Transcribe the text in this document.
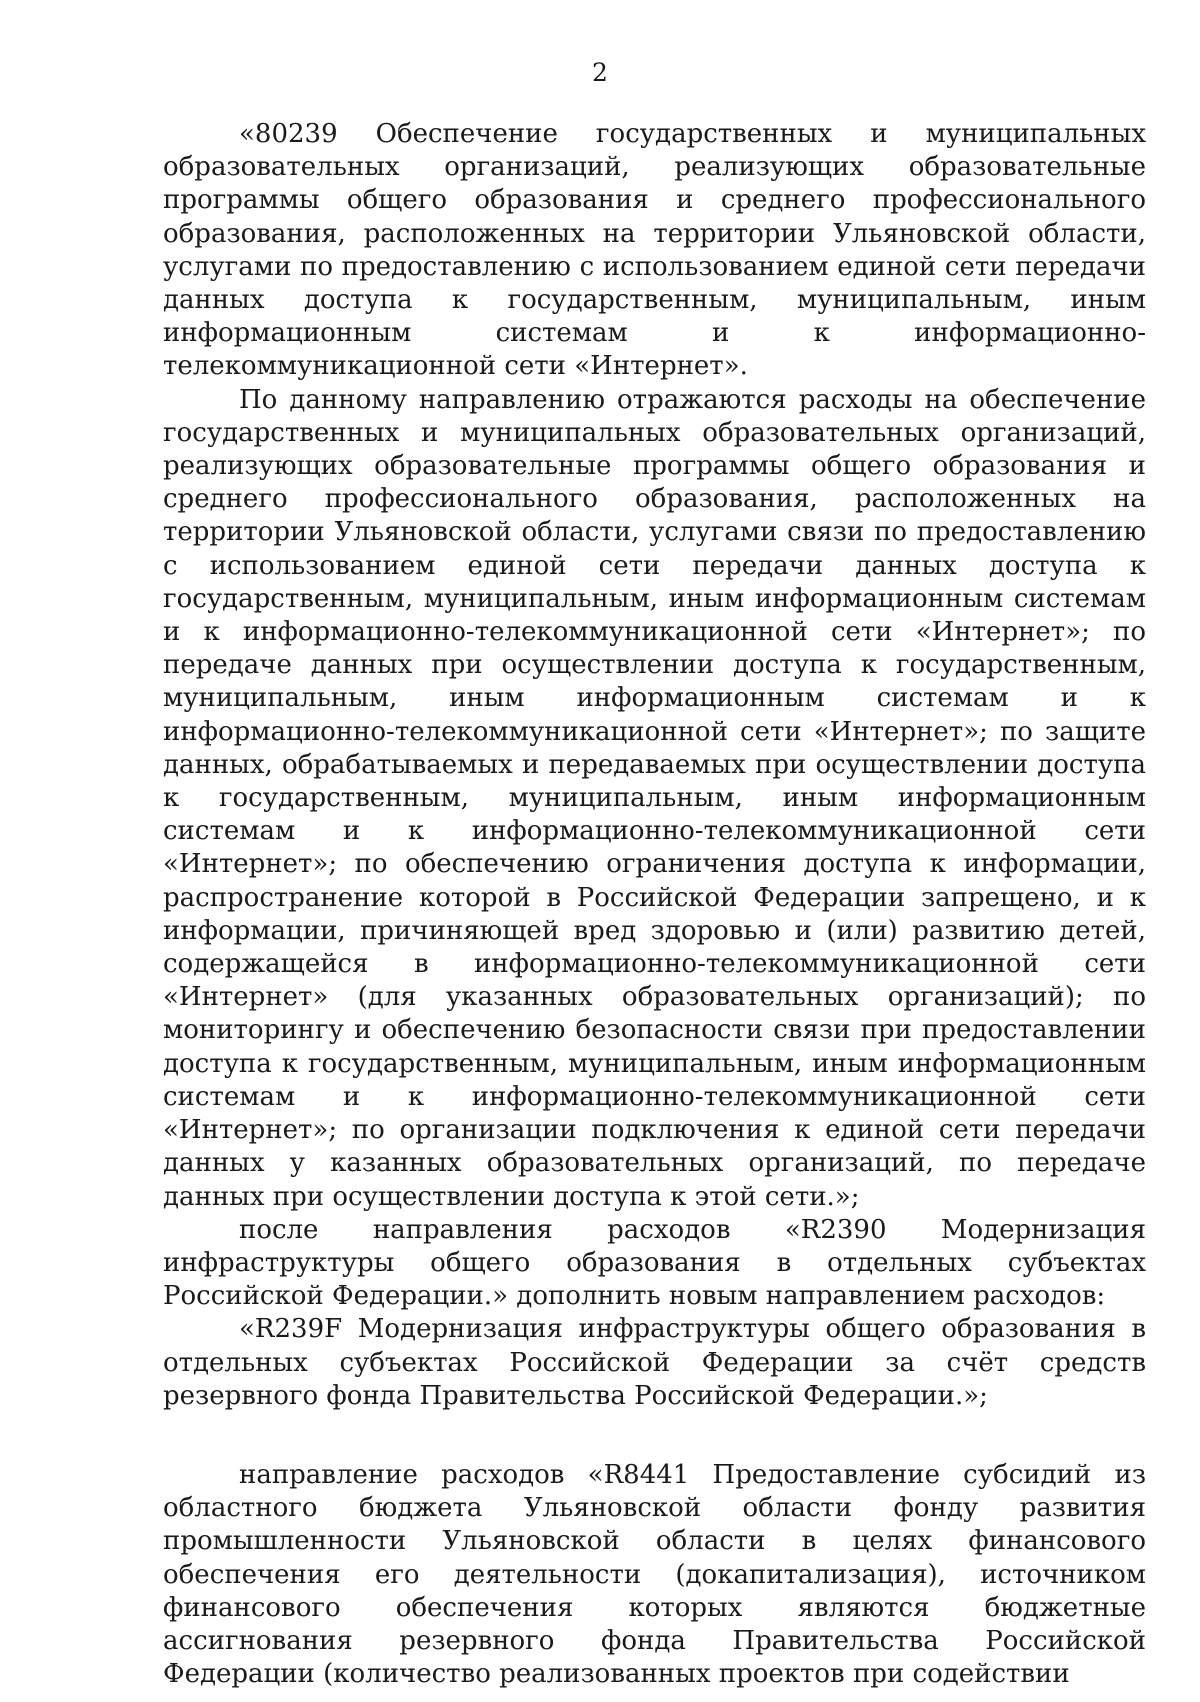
2

«80239 Обеспечение государственных и муниципальных образовательных организаций, реализующих образовательные программы общего образования и среднего профессионального образования, расположенных на территории Ульяновской области, услугами по предоставлению с использованием единой сети передачи данных доступа к государственным, муниципальным, иным информационным системам и к информационно-телекоммуникационной сети «Интернет».

По данному направлению отражаются расходы на обеспечение государственных и муниципальных образовательных организаций, реализующих образовательные программы общего образования и среднего профессионального образования, расположенных на территории Ульяновской области, услугами связи по предоставлению с использованием единой сети передачи данных доступа к государственным, муниципальным, иным информационным системам и к информационно-телекоммуникационной сети «Интернет»; по передаче данных при осуществлении доступа к государственным, муниципальным, иным информационным системам и к информационно-телекоммуникационной сети «Интернет»; по защите данных, обрабатываемых и передаваемых при осуществлении доступа к государственным, муниципальным, иным информационным системам и к информационно-телекоммуникационной сети «Интернет»; по обеспечению ограничения доступа к информации, распространение которой в Российской Федерации запрещено, и к информации, причиняющей вред здоровью и (или) развитию детей, содержащейся в информационно-телекоммуникационной сети «Интернет» (для указанных образовательных организаций); по мониторингу и обеспечению безопасности связи при предоставлении доступа к государственным, муниципальным, иным информационным системам и к информационно-телекоммуникационной сети «Интернет»; по организации подключения к единой сети передачи данных у казанных образовательных организаций, по передаче данных при осуществлении доступа к этой сети.»;

после направления расходов «R2390 Модернизация инфраструктуры общего образования в отдельных субъектах Российской Федерации.» дополнить новым направлением расходов:

«R239F Модернизация инфраструктуры общего образования в отдельных субъектах Российской Федерации за счёт средств резервного фонда Правительства Российской Федерации.»;

направление расходов «R8441 Предоставление субсидий из областного бюджета Ульяновской области фонду развития промышленности Ульяновской области в целях финансового обеспечения его деятельности (докапитализация), источником финансового обеспечения которых являются бюджетные ассигнования резервного фонда Правительства Российской Федерации (количество реализованных проектов при содействии
